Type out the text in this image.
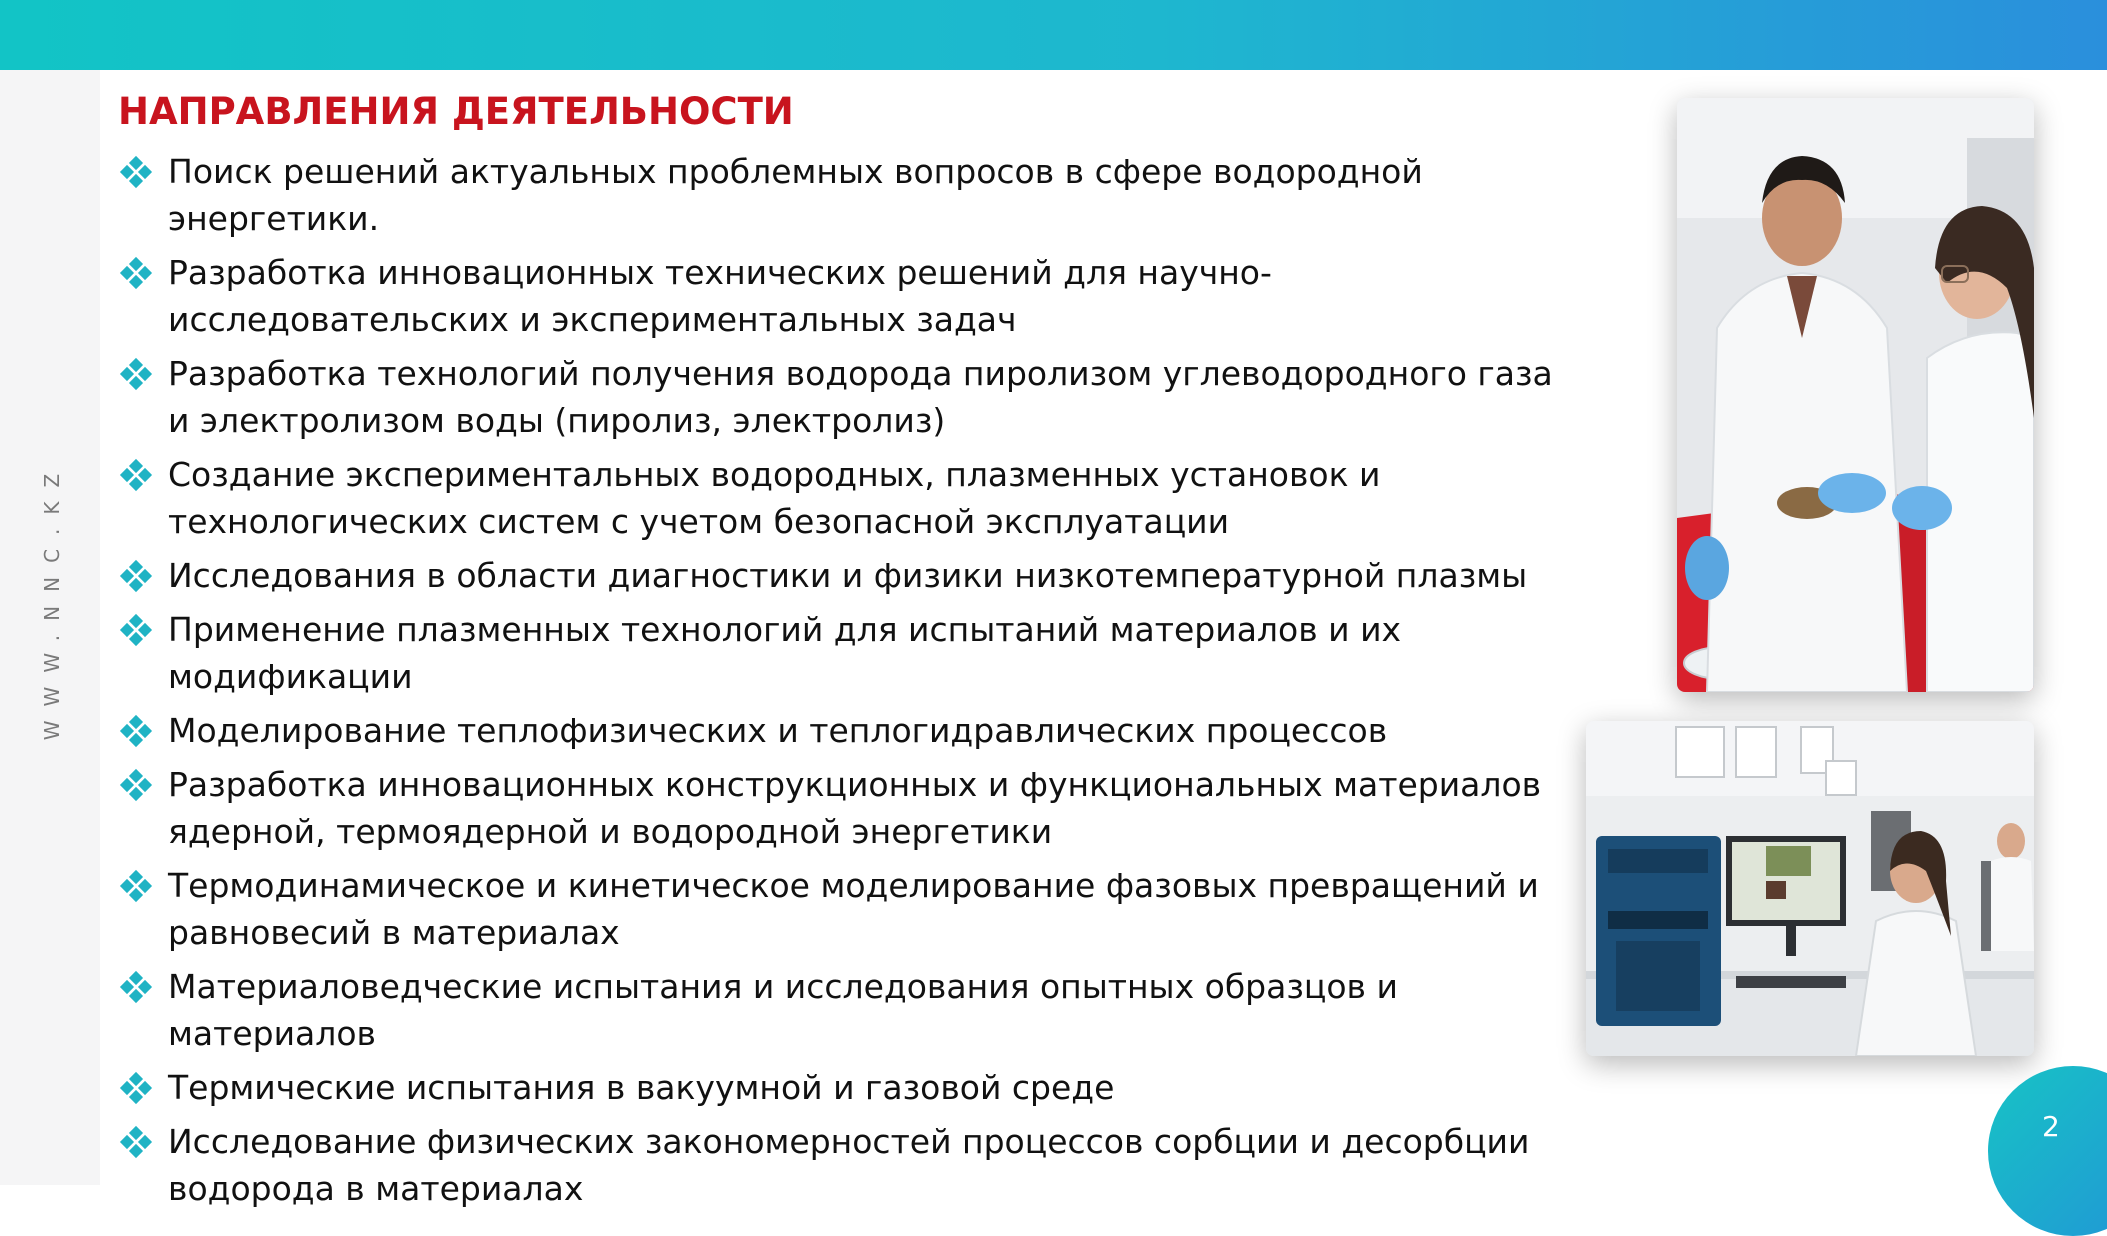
WWW.NNC.KZ
НАПРАВЛЕНИЯ ДЕЯТЕЛЬНОСТИ
Поиск решений актуальных проблемных вопросов в сфере водородной энергетики.
Разработка инновационных технических решений для научно-исследовательских и экспериментальных задач
Разработка технологий получения водорода пиролизом углеводородного газа и электролизом воды (пиролиз, электролиз)
Создание экспериментальных водородных, плазменных установок и технологических систем с учетом безопасной эксплуатации
Исследования в области диагностики и физики низкотемпературной плазмы
Применение плазменных технологий для испытаний материалов и их модификации
Моделирование теплофизических и теплогидравлических процессов
Разработка инновационных конструкционных и функциональных материалов ядерной, термоядерной и водородной энергетики
Термодинамическое и кинетическое моделирование фазовых превращений и равновесий в материалах
Материаловедческие испытания и исследования опытных образцов и материалов
Термические испытания в вакуумной и газовой среде
Исследование физических закономерностей процессов сорбции и десорбции водорода в материалах
2
